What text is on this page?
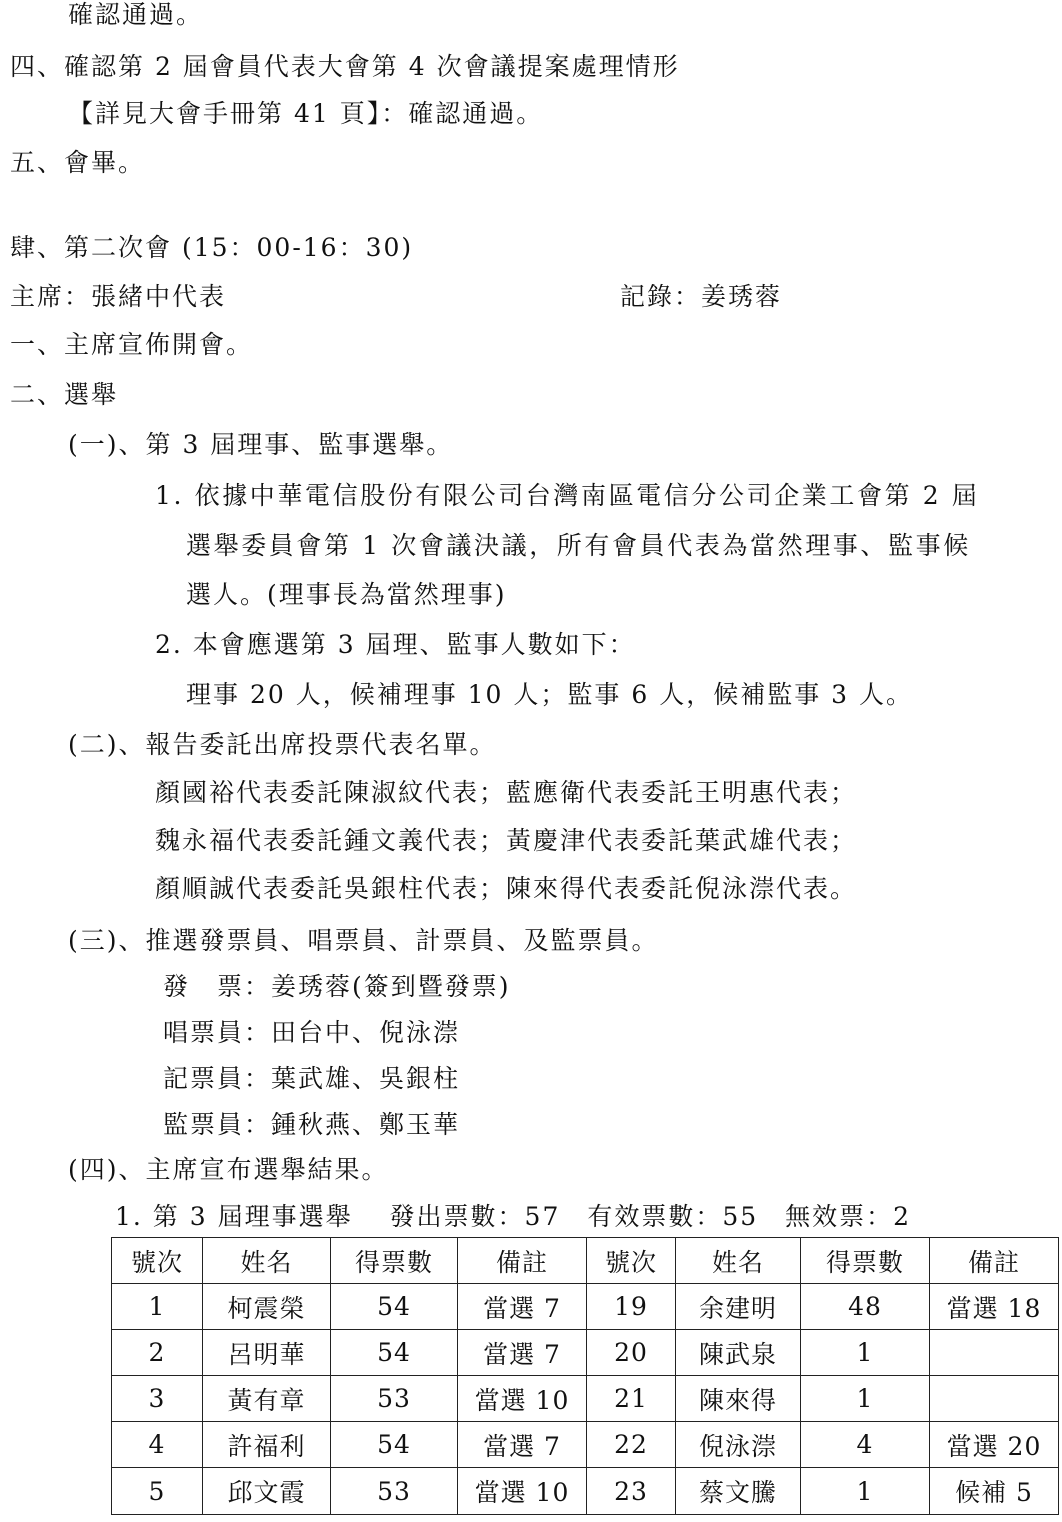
確認通過。
四、確認第 2 屆會員代表大會第 4 次會議提案處理情形
【詳見大會手冊第 41 頁】：確認通過。
五、會畢。
肆、第二次會 (15：00-16：30)
主席：張緒中代表	記錄：姜琇蓉
一、主席宣佈開會。
二、選舉
(一)、第 3 屆理事、監事選舉。
1. 依據中華電信股份有限公司台灣南區電信分公司企業工會第 2 屆
選舉委員會第 1 次會議決議，所有會員代表為當然理事、監事候
選人。(理事長為當然理事)
2. 本會應選第 3 屆理、監事人數如下：
理事 20 人，候補理事 10 人；監事 6 人，候補監事 3 人。
(二)、報告委託出席投票代表名單。
顏國裕代表委託陳淑紋代表；藍應衛代表委託王明惠代表；
魏永福代表委託鍾文義代表；黃慶津代表委託葉武雄代表；
顏順誠代表委託吳銀柱代表；陳來得代表委託倪泳漴代表。
(三)、推選發票員、唱票員、計票員、及監票員。
發　票：姜琇蓉(簽到暨發票)
唱票員：田台中、倪泳漴
記票員：葉武雄、吳銀柱
監票員：鍾秋燕、鄭玉華
(四)、主席宣布選舉結果。
1. 第 3 屆理事選舉　 發出票數：57　有效票數：55　無效票：2
號次	姓名	得票數	備註	號次	姓名	得票數	備註
1	柯震榮	54	當選 7	19	余建明	48	當選 18
2	呂明華	54	當選 7	20	陳武泉	1	
3	黃有章	53	當選 10	21	陳來得	1	
4	許福利	54	當選 7	22	倪泳漴	4	當選 20
5	邱文霞	53	當選 10	23	蔡文騰	1	候補 5
